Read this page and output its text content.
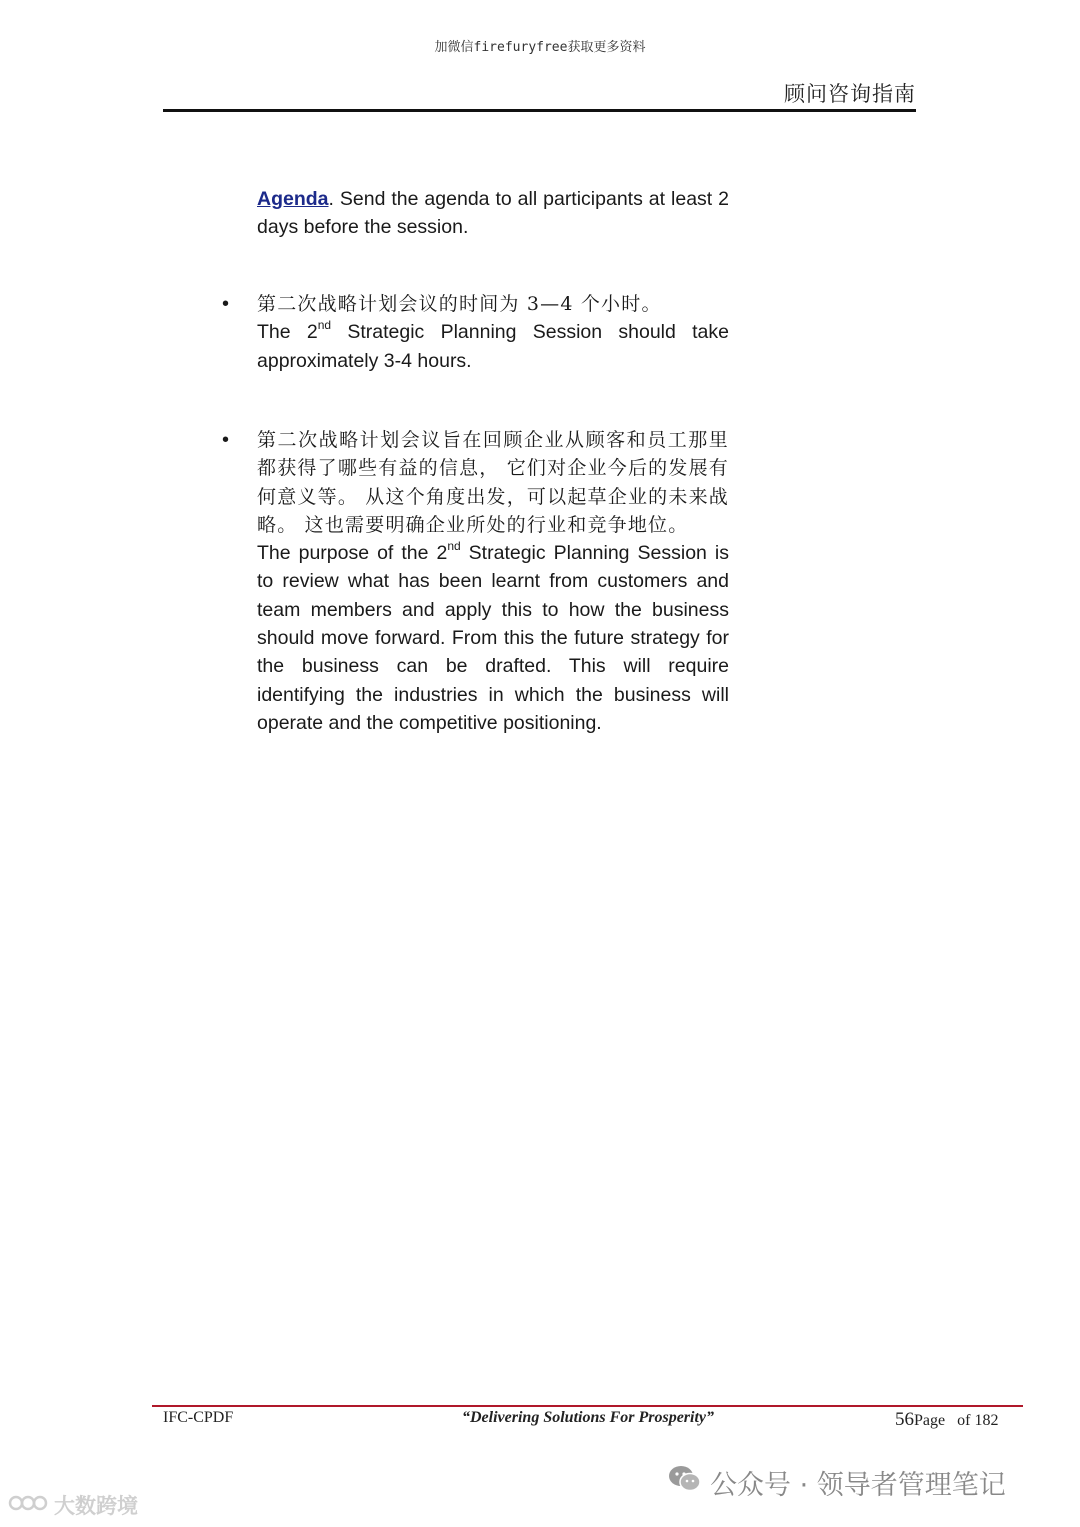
加微信firefuryfree获取更多资料
顾问咨询指南

Agenda. Send the agenda to all participants at least 2 days before the session.

•	第二次战略计划会议的时间为 3—4 个小时。

The 2nd Strategic Planning Session should take approximately 3-4 hours.

•	第二次战略计划会议旨在回顾企业从顾客和员工那里都获得了哪些有益的信息， 它们对企业今后的发展有何意义等。 从这个角度出发，可以起草企业的未来战略。 这也需要明确企业所处的行业和竞争地位。

The purpose of the 2nd Strategic Planning Session is to review what has been learnt from customers and team members and apply this to how the business should move forward. From this the future strategy for the business can be drafted. This will require identifying the industries in which the business will operate and the competitive positioning.

IFC-CPDF	“Delivering Solutions For Prosperity”	56Page of 182
公众号 · 领导者管理笔记
大数跨境
